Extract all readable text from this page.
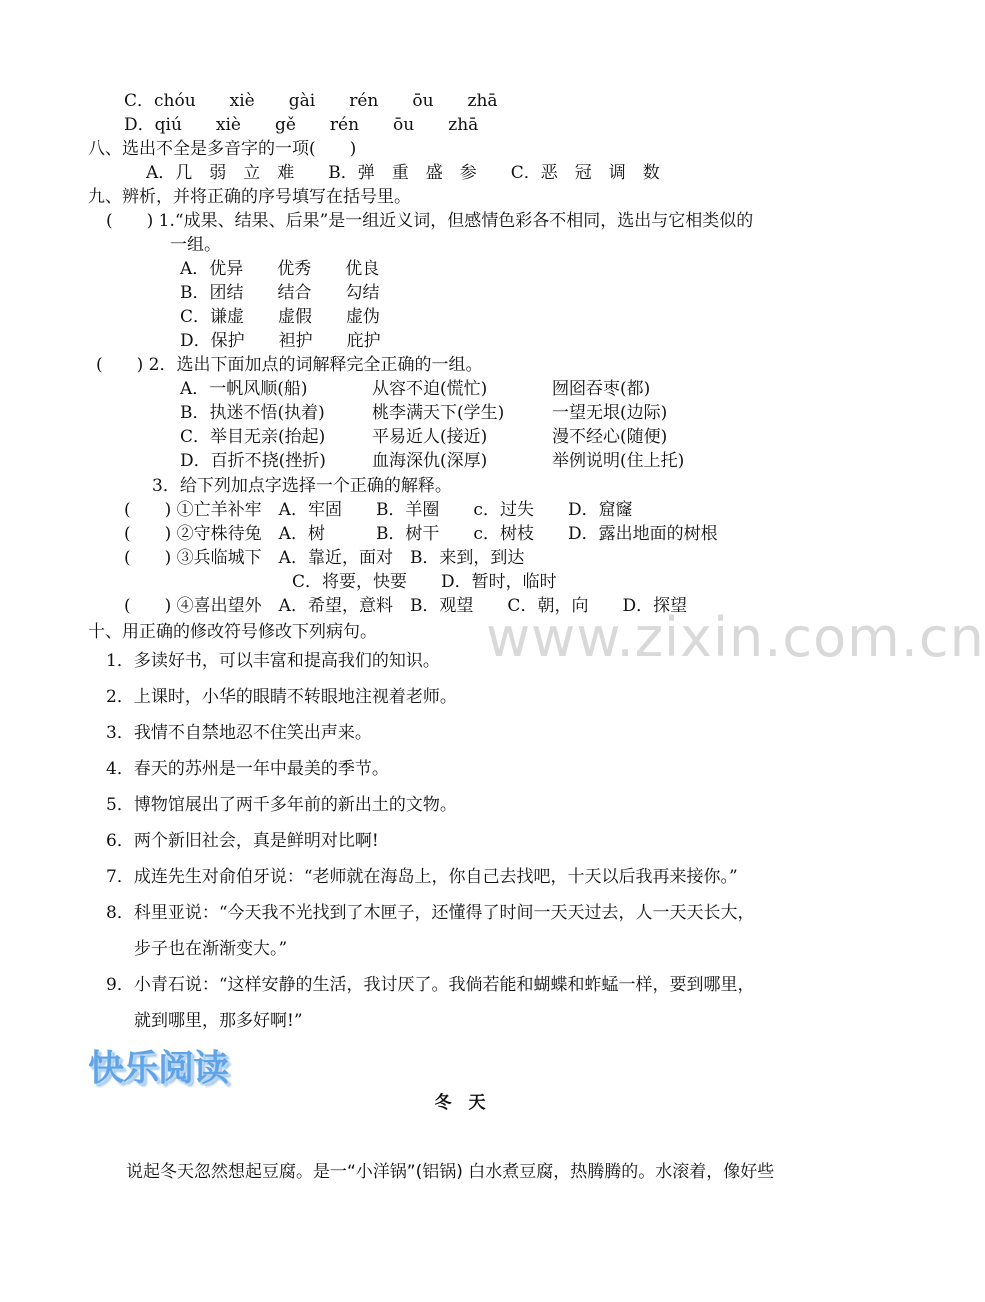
C．chóu　　xiè　　gài　　rén　　ōu　　zhā
D．qiú　　xiè　　gě　　rén　　ōu　　zhā
八、选出不全是多音字的一项(　　)
A．几　弱　立　难　　B．弹　重　盛　参　　C．恶　冠　调　数
九、辨析，并将正确的序号填写在括号里。
(　　) 1.“成果、结果、后果”是一组近义词，但感情色彩各不相同，选出与它相类似的
一组。
A．优异　　优秀　　优良
B．团结　　结合　　勾结
C．谦虚　　虚假　　虚伪
D．保护　　袒护　　庇护
(　　) 2．选出下面加点的词解释完全正确的一组。
A．一帆风顺(船)	从容不迫(慌忙)	囫囵吞枣(都)
B．执迷不悟(执着)	桃李满天下(学生)	一望无垠(边际)
C．举目无亲(抬起)	平易近人(接近)	漫不经心(随便)
D．百折不挠(挫折)	血海深仇(深厚)	举例说明(住上托)
3．给下列加点字选择一个正确的解释。
(　　) ①亡羊补牢　A．牢固　　B．羊圈　　c．过失　　D．窟窿
(　　) ②守株待兔　A．树　　　B．树干　　c．树枝　　D．露出地面的树根
(　　) ③兵临城下　A．靠近，面对　B．来到，到达
C．将要，快要　　D．暂时，临时
(　　) ④喜出望外　A．希望，意料　B．观望　　C．朝，向　　D．探望
www.zixin.com.cn
十、用正确的修改符号修改下列病句。
1．多读好书，可以丰富和提高我们的知识。
2．上课时，小华的眼睛不转眼地注视着老师。
3．我情不自禁地忍不住笑出声来。
4．春天的苏州是一年中最美的季节。
5．博物馆展出了两千多年前的新出土的文物。
6．两个新旧社会，真是鲜明对比啊!
7．成连先生对俞伯牙说：“老师就在海岛上，你自己去找吧，十天以后我再来接你。”
8．科里亚说：“今天我不光找到了木匣子，还懂得了时间一天天过去，人一天天长大，
步子也在渐渐变大。”
9．小青石说：“这样安静的生活，我讨厌了。我倘若能和蝴蝶和蚱蜢一样，要到哪里，
就到哪里，那多好啊!”
快乐阅读
冬　天
说起冬天忽然想起豆腐。是一“小洋锅”(铝锅) 白水煮豆腐，热腾腾的。水滚着，像好些
